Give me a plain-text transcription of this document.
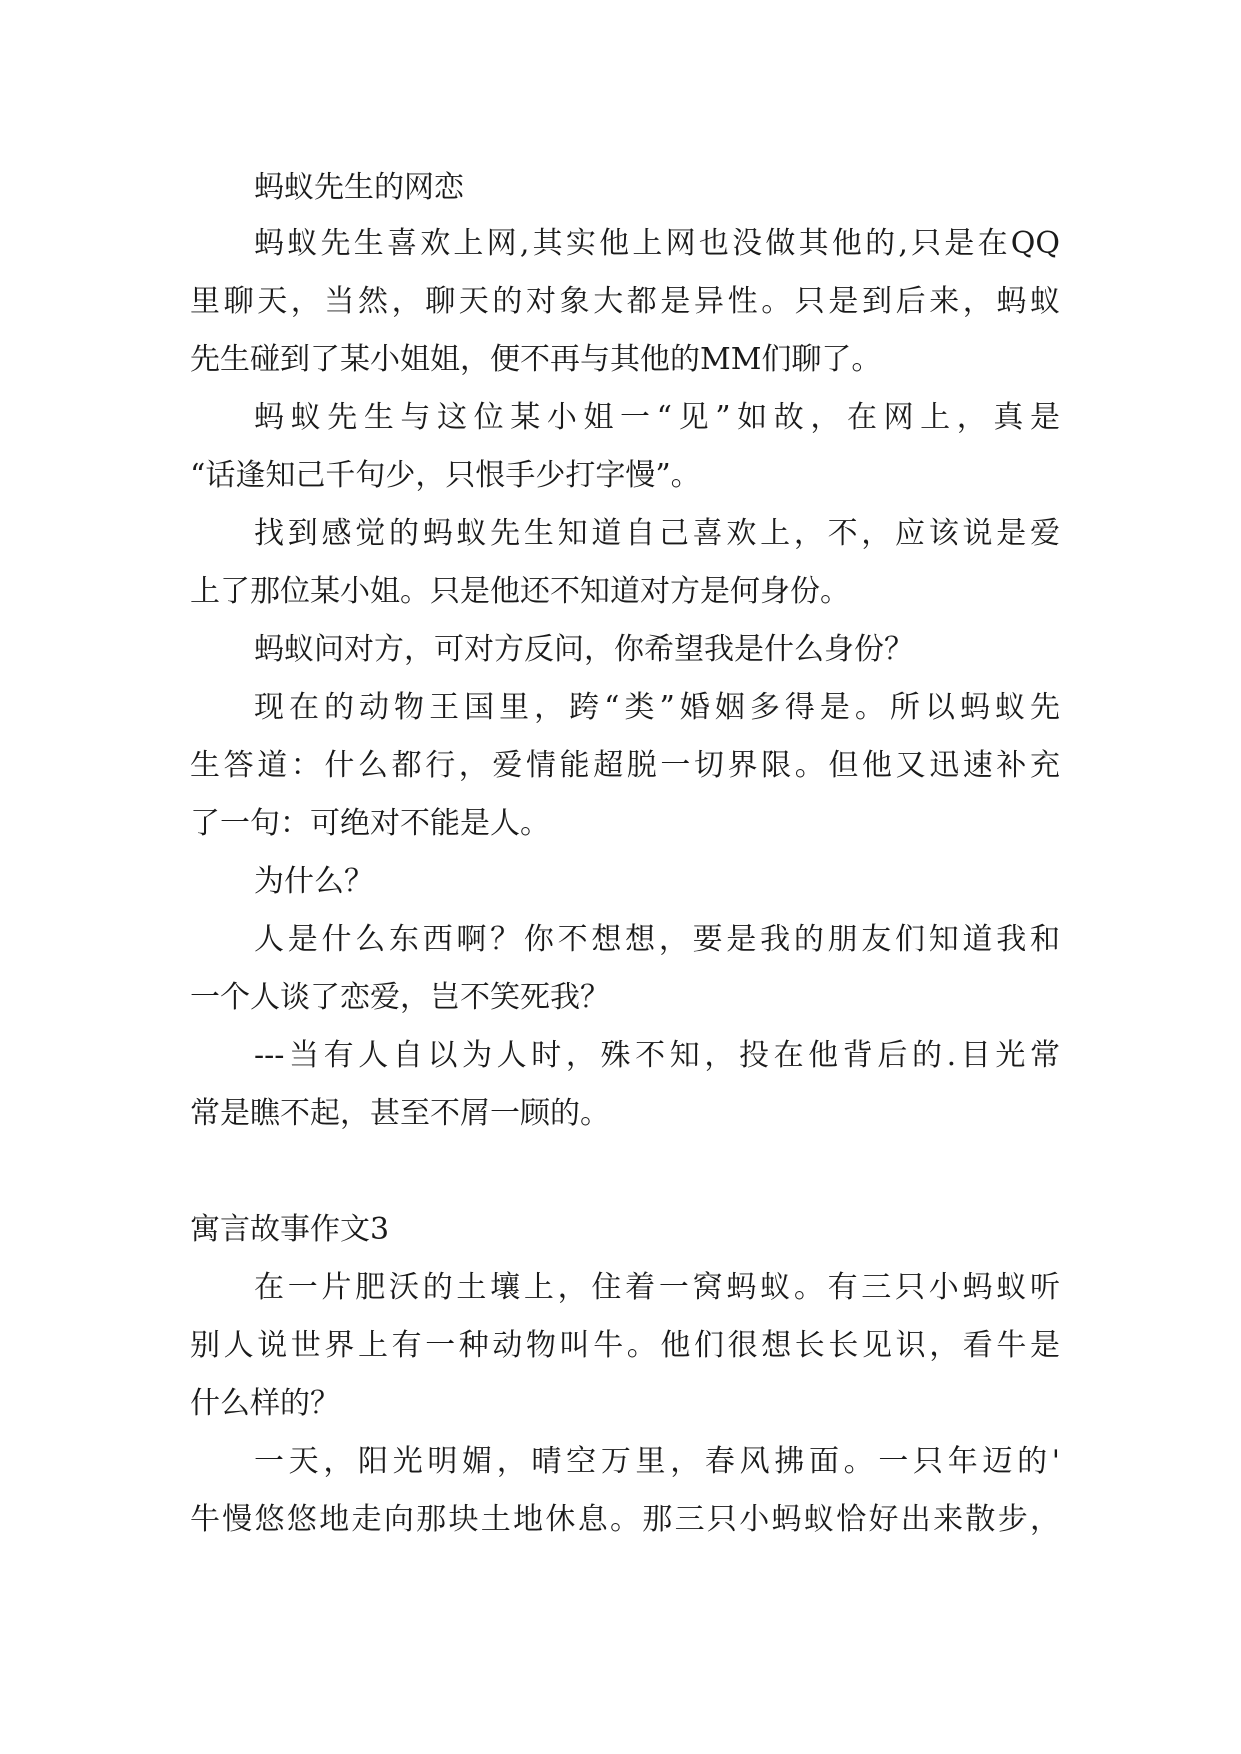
蚂蚁先生的网恋
蚂蚁先生喜欢上网,其实他上网也没做其他的,只是在QQ
里聊天，当然，聊天的对象大都是异性。只是到后来，蚂蚁
先生碰到了某小姐姐，便不再与其他的MM们聊了。
蚂蚁先生与这位某小姐一“见”如故，在网上，真是
“话逢知己千句少，只恨手少打字慢”。
找到感觉的蚂蚁先生知道自己喜欢上，不，应该说是爱
上了那位某小姐。只是他还不知道对方是何身份。
蚂蚁问对方，可对方反问，你希望我是什么身份？
现在的动物王国里，跨“类”婚姻多得是。所以蚂蚁先
生答道：什么都行，爱情能超脱一切界限。但他又迅速补充
了一句：可绝对不能是人。
为什么？
人是什么东西啊？你不想想，要是我的朋友们知道我和
一个人谈了恋爱，岂不笑死我？
---当有人自以为人时，殊不知，投在他背后的.目光常
常是瞧不起，甚至不屑一顾的。
寓言故事作文3
在一片肥沃的土壤上，住着一窝蚂蚁。有三只小蚂蚁听
别人说世界上有一种动物叫牛。他们很想长长见识，看牛是
什么样的？
一天，阳光明媚，晴空万里，春风拂面。一只年迈的'
牛慢悠悠地走向那块土地休息。那三只小蚂蚁恰好出来散步，
